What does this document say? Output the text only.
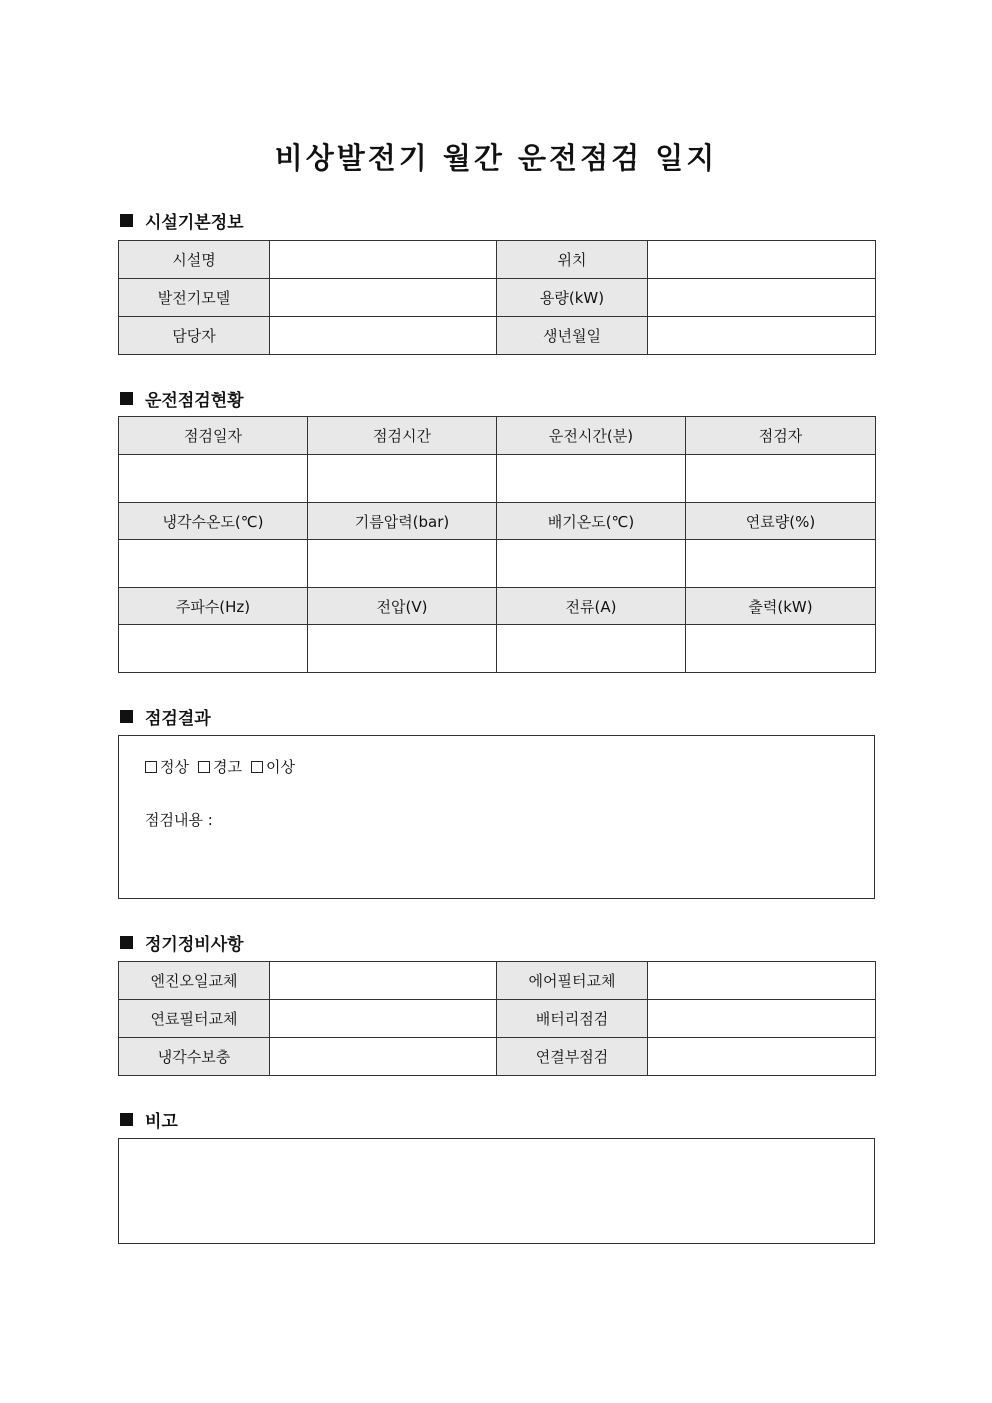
비상발전기 월간 운전점검 일지
시설기본정보
시설명		위치	
발전기모델		용량(kW)	
담당자		생년월일	
운전점검현황
점검일자	점검시간	운전시간(분)	점검자

냉각수온도(℃)	기름압력(bar)	배기온도(℃)	연료량(%)

주파수(Hz)	전압(V)	전류(A)	출력(kW)

점검결과
정상 경고 이상
점검내용 :
정기정비사항
엔진오일교체		에어필터교체	
연료필터교체		배터리점검	
냉각수보충		연결부점검	
비고
